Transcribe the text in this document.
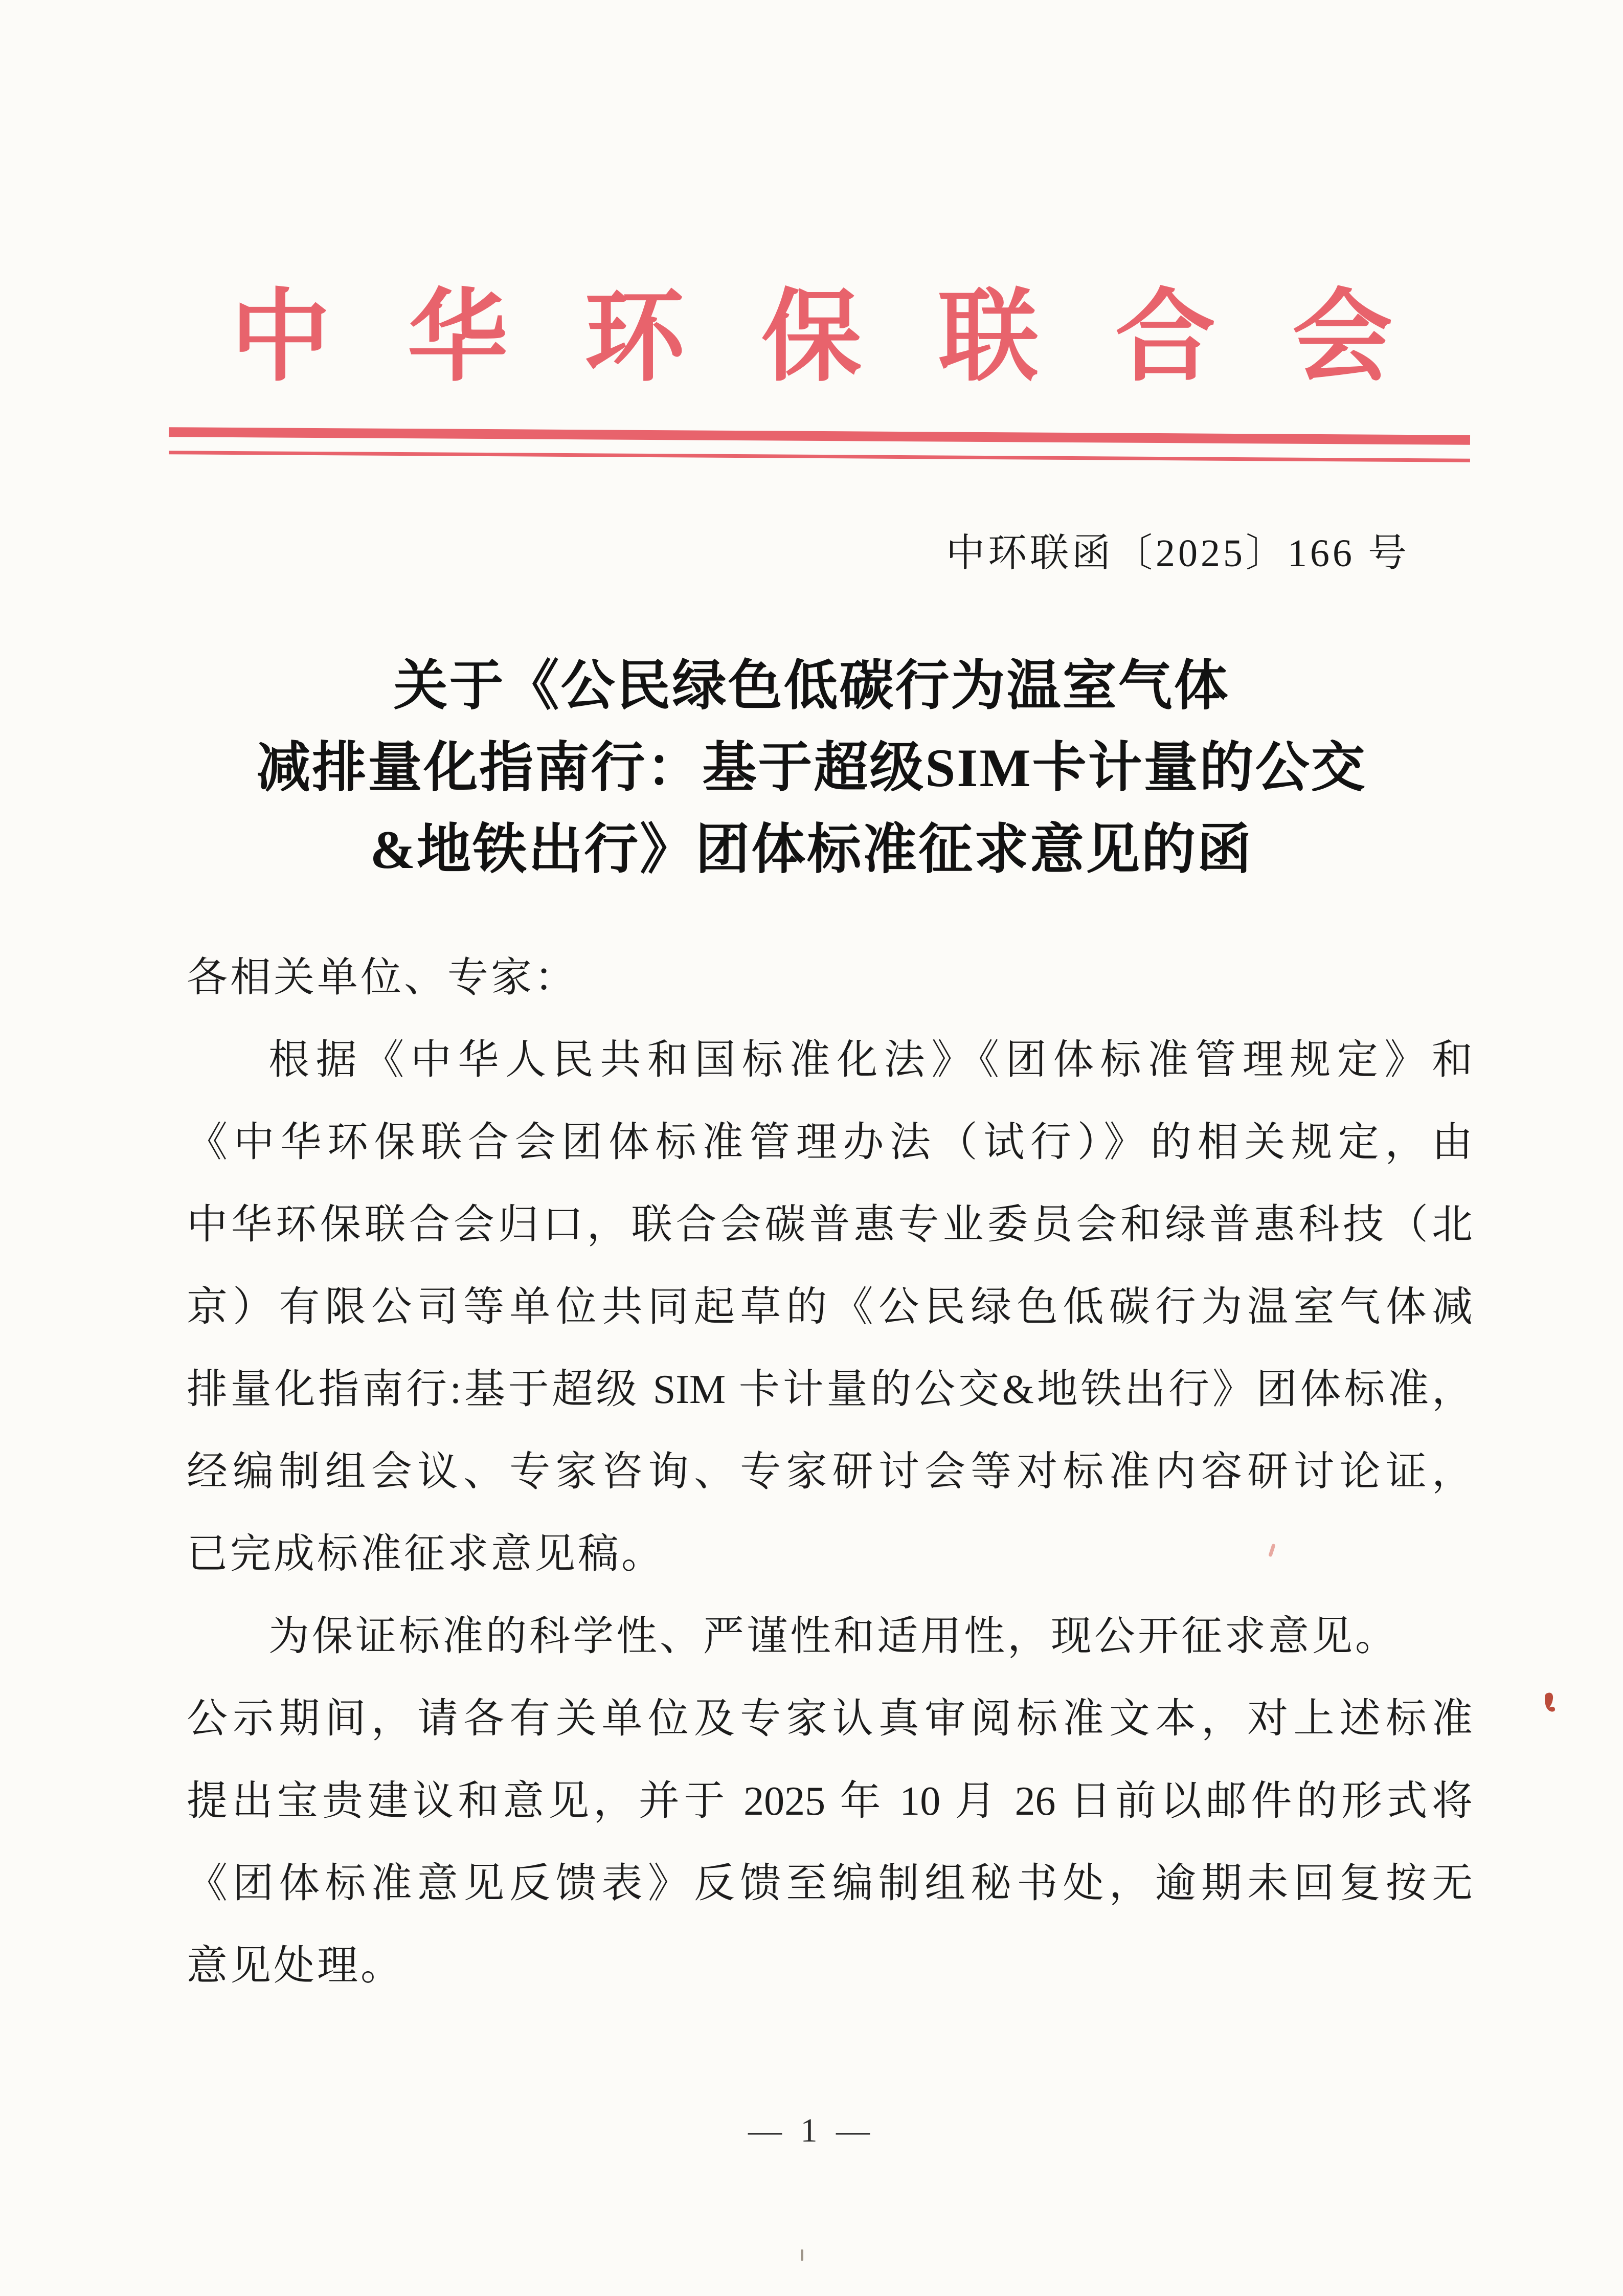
中华环保联合会
中环联函〔2025〕166 号
关于《公民绿色低碳行为温室气体
减排量化指南行：基于超级SIM卡计量的公交
&地铁出行》团体标准征求意见的函
各相关单位、专家：
根据《中华人民共和国标准化法》《团体标准管理规定》和
《中华环保联合会团体标准管理办法（试行）》的相关规定，由
中华环保联合会归口，联合会碳普惠专业委员会和绿普惠科技（北
京）有限公司等单位共同起草的《公民绿色低碳行为温室气体减
排量化指南行:基于超级 SIM 卡计量的公交&地铁出行》团体标准，
经编制组会议、专家咨询、专家研讨会等对标准内容研讨论证，
已完成标准征求意见稿。
为保证标准的科学性、严谨性和适用性，现公开征求意见。
公示期间，请各有关单位及专家认真审阅标准文本，对上述标准
提出宝贵建议和意见，并于 2025 年 10 月 26 日前以邮件的形式将
《团体标准意见反馈表》反馈至编制组秘书处，逾期未回复按无
意见处理。
— 1 —
